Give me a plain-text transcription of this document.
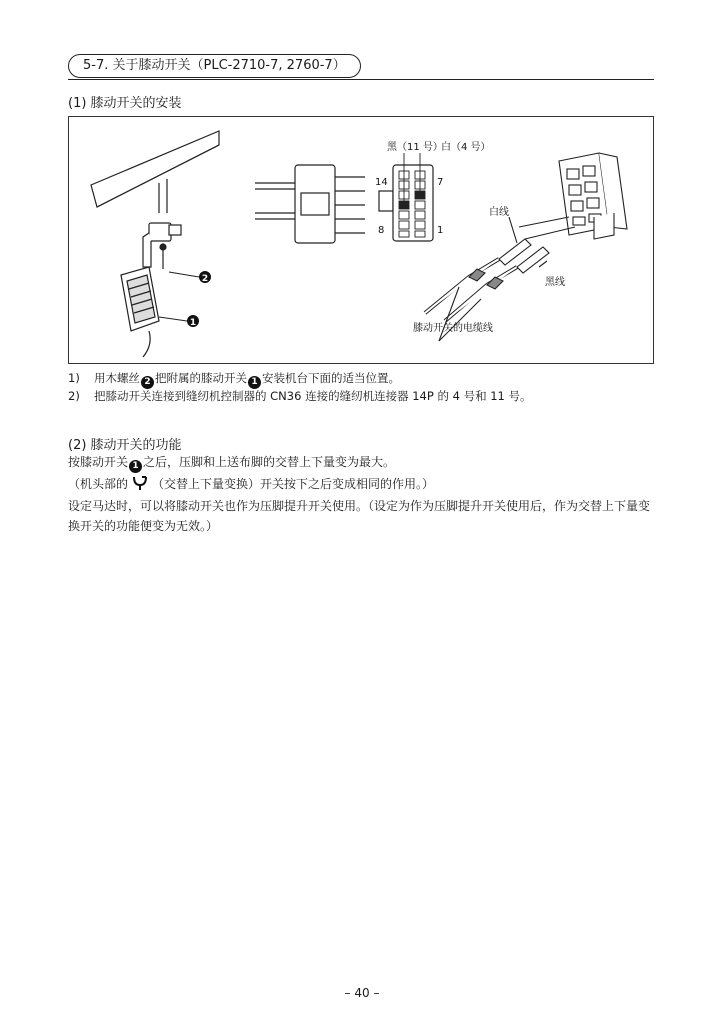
5-7. 关于膝动开关（PLC-2710-7, 2760-7）
(1) 膝动开关的安装
2
1
黑（11 号）
白（4 号）
14	7
8	1
白线
黑线
膝动开关的电缆线
1) 用木螺丝 2 把附属的膝动开关 1 安装机台下面的适当位置。
2) 把膝动开关连接到缝纫机控制器的 CN36 连接的缝纫机连接器 14P 的 4 号和 11 号。
(2) 膝动开关的功能
按膝动开关 1 之后，压脚和上送布脚的交替上下量变为最大。
（机头部的 （交替上下量变换）开关按下之后变成相同的作用。）
设定马达时，可以将膝动开关也作为压脚提升开关使用。（设定为作为压脚提升开关使用后，作为交替上下量变换开关的功能便变为无效。）
– 40 –
